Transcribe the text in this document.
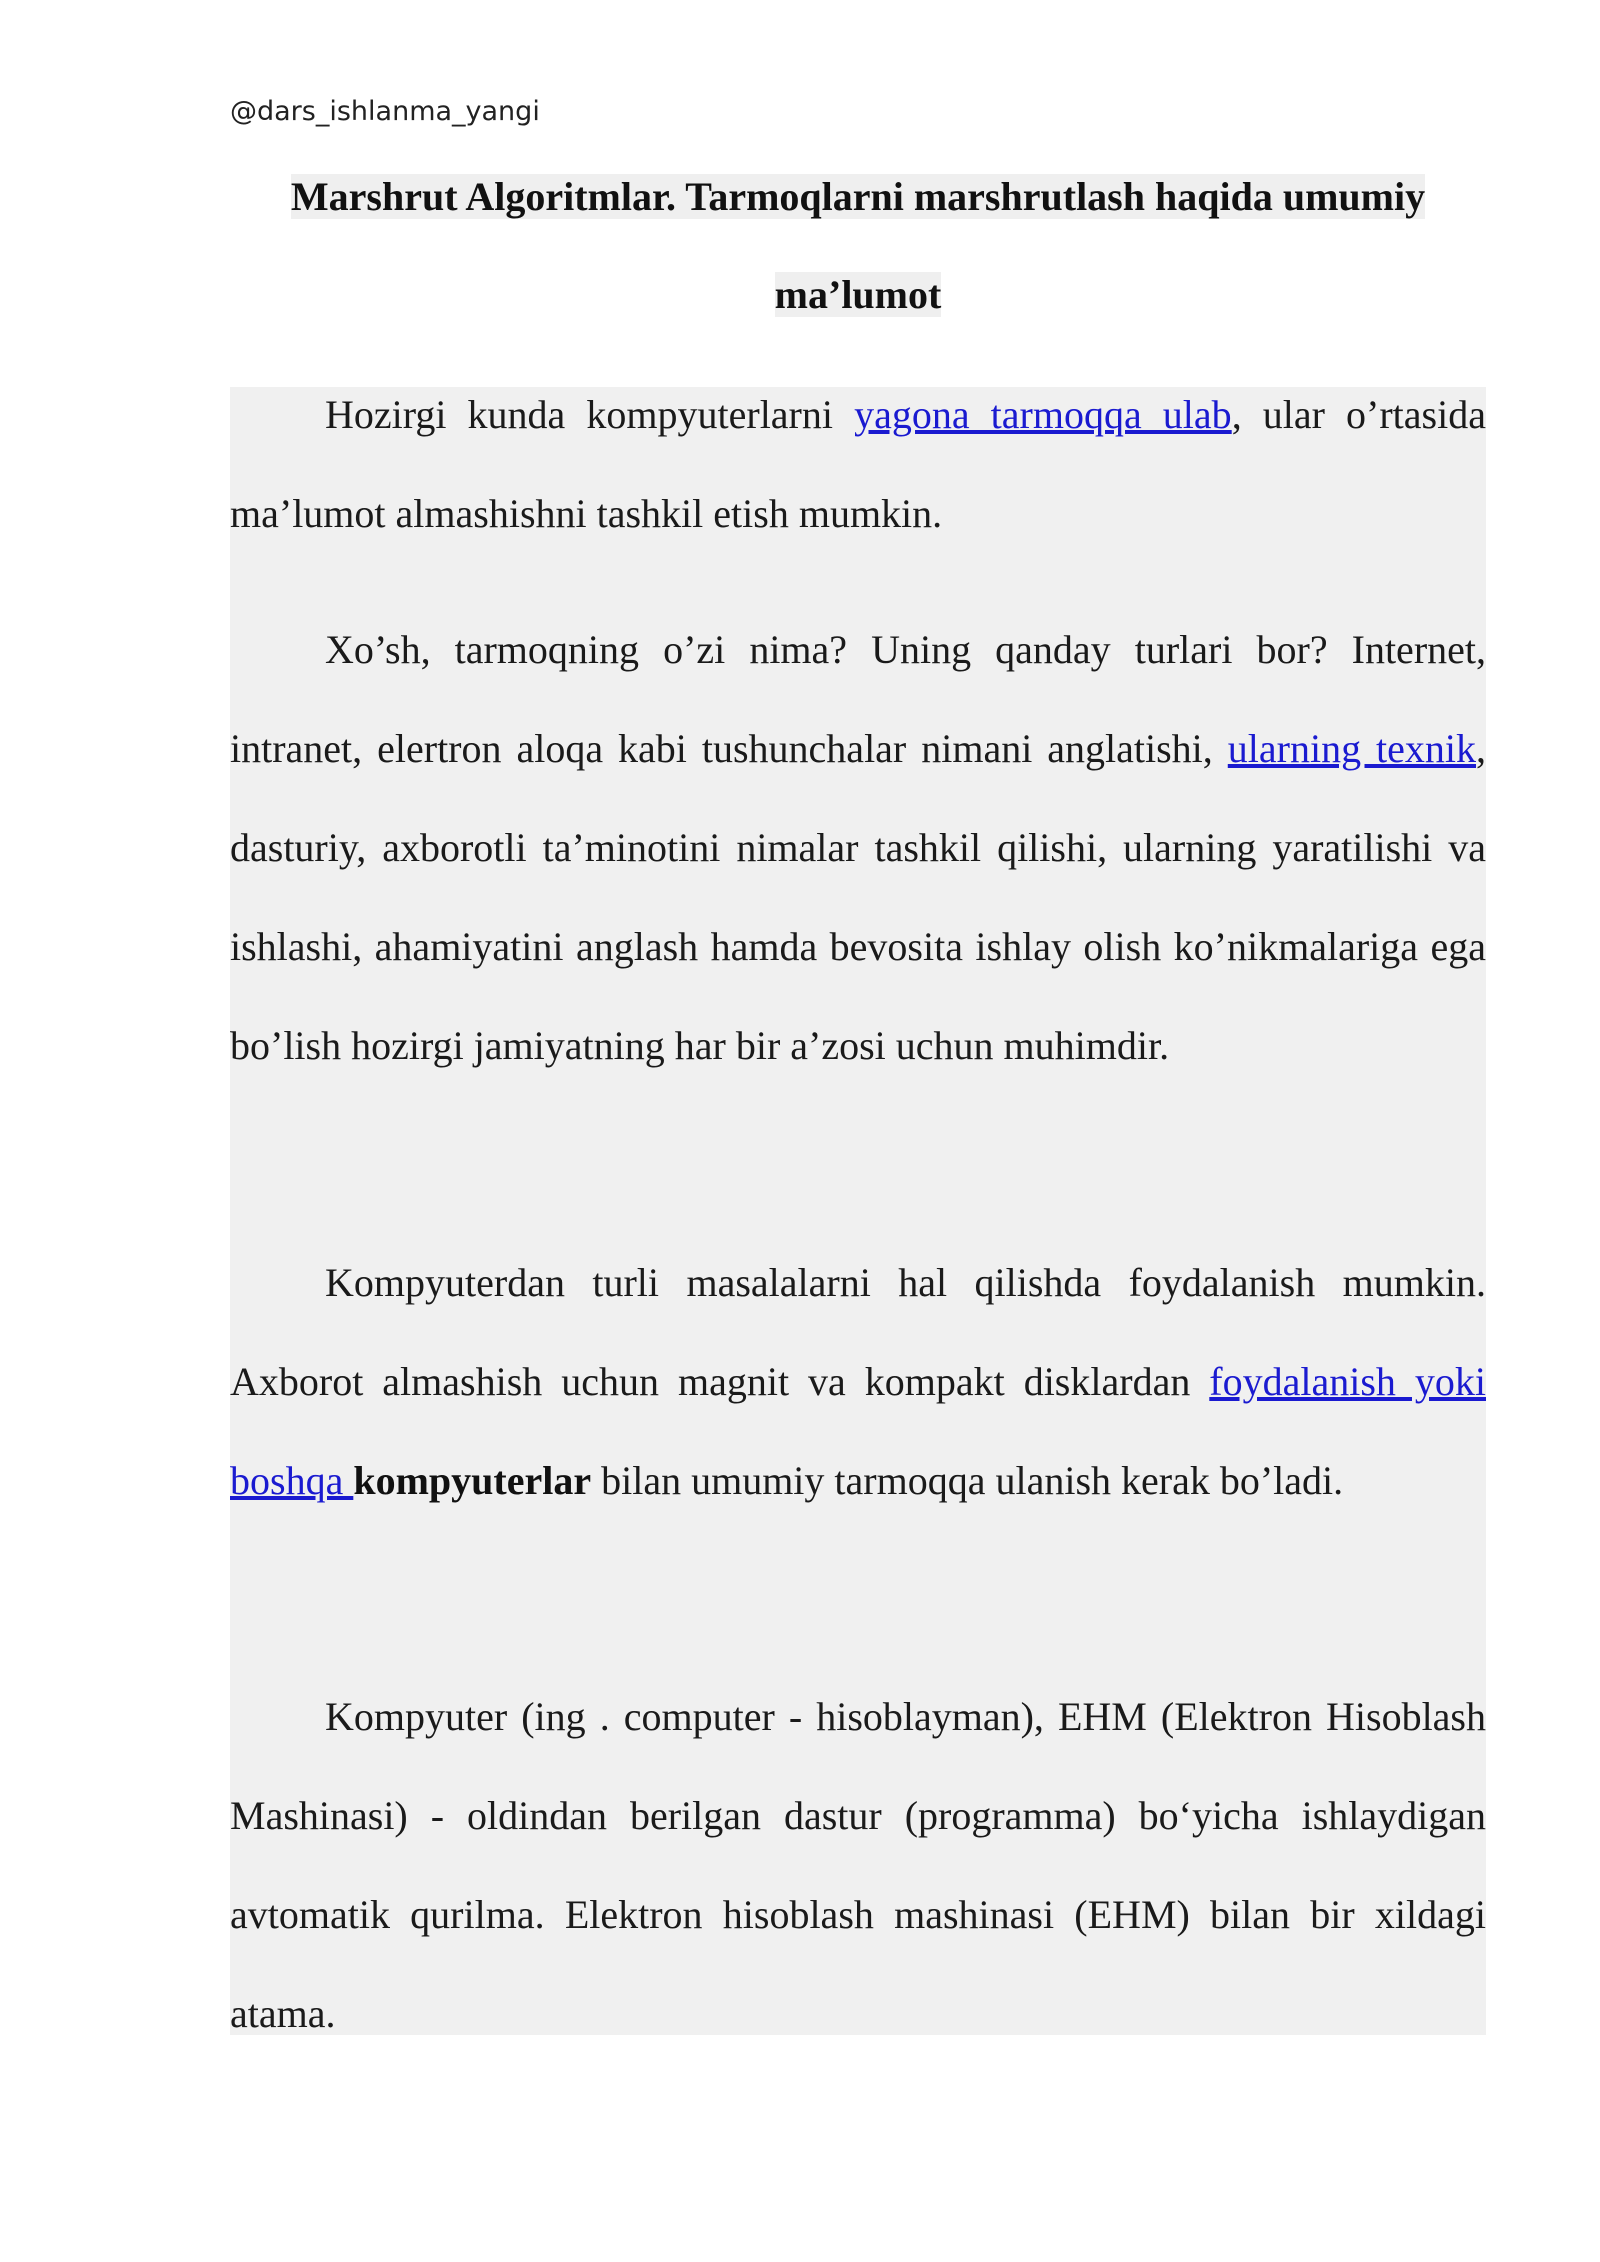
@dars_ishlanma_yangi
Marshrut Algoritmlar. Tarmoqlarni marshrutlash haqida umumiy
ma’lumot

Hozirgi kunda kompyuterlarni yagona tarmoqqa ulab, ular o’rtasida ma’lumot almashishni tashkil etish mumkin.

Xo’sh, tarmoqning o’zi nima? Uning qanday turlari bor? Internet, intranet, elertron aloqa kabi tushunchalar nimani anglatishi, ularning texnik, dasturiy, axborotli ta’minotini nimalar tashkil qilishi, ularning yaratilishi va ishlashi, ahamiyatini anglash hamda bevosita ishlay olish ko’nikmalariga ega bo’lish hozirgi jamiyatning har bir a’zosi uchun muhimdir.

Kompyuterdan turli masalalarni hal qilishda foydalanish mumkin. Axborot almashish uchun magnit va kompakt disklardan foydalanish yoki boshqa kompyuterlar bilan umumiy tarmoqqa ulanish kerak bo’ladi.

Kompyuter (ing . computer - hisoblayman), EHM (Elektron Hisoblash Mashinasi) - oldindan berilgan dastur (programma) bo‘yicha ishlaydigan avtomatik qurilma. Elektron hisoblash mashinasi (EHM) bilan bir xildagi atama.
